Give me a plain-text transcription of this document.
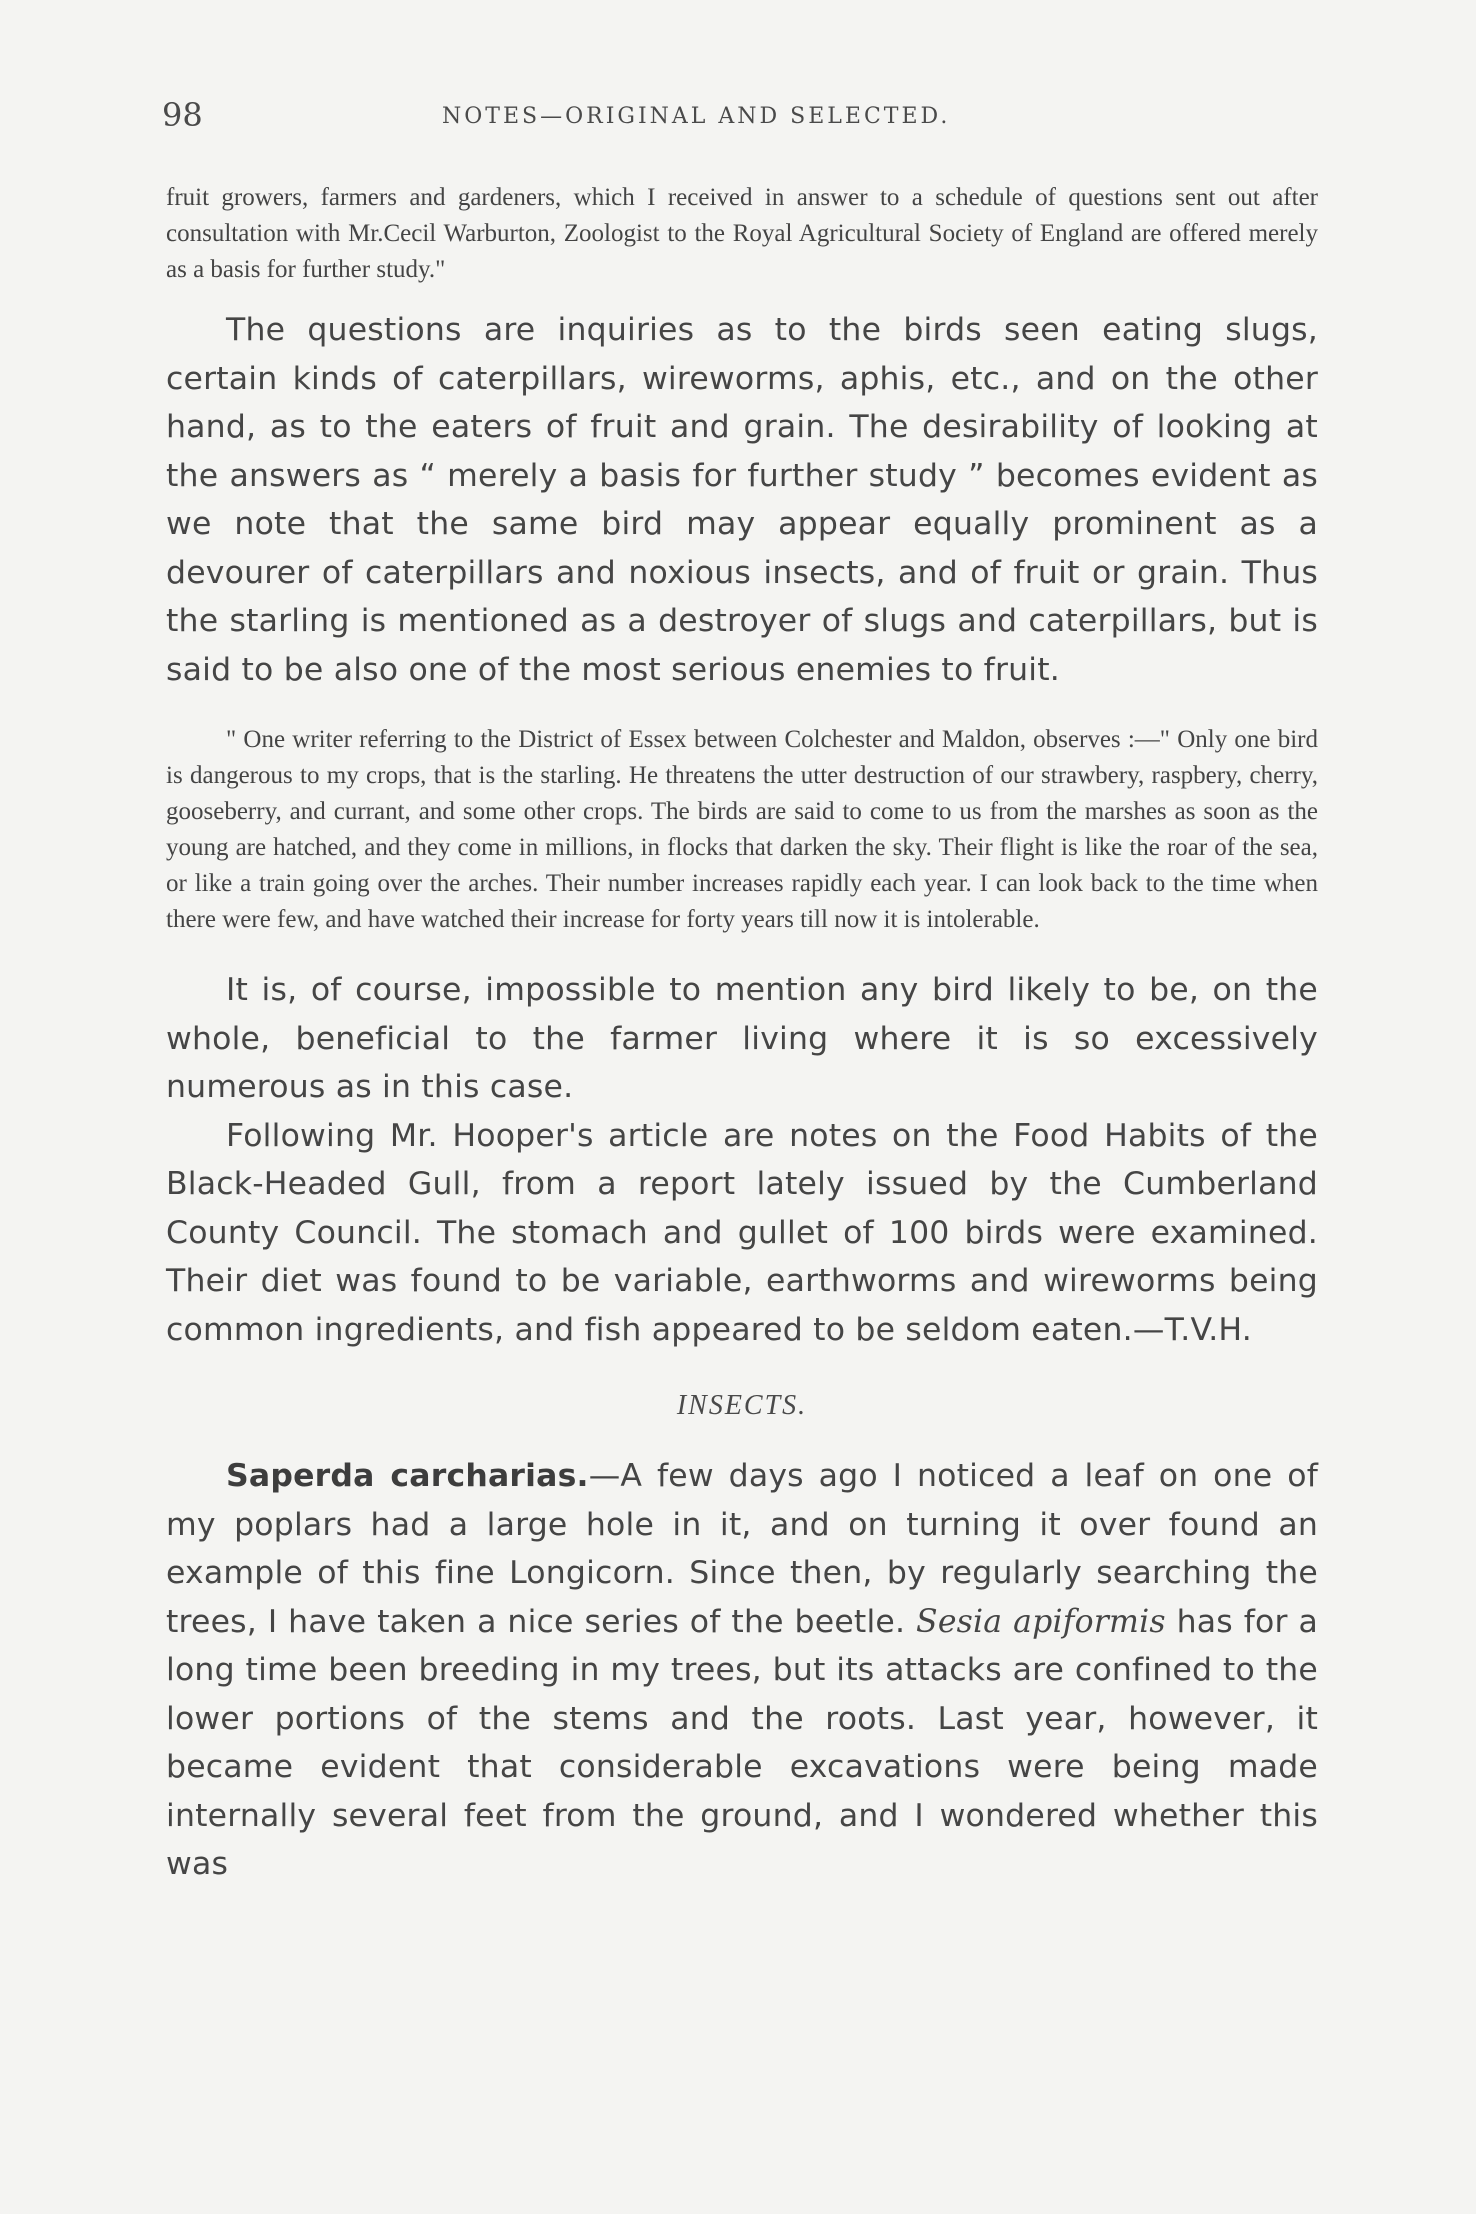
98	NOTES—ORIGINAL AND SELECTED.

fruit growers, farmers and gardeners, which I received in answer to a schedule of questions sent out after consultation with Mr.Cecil Warburton, Zoologist to the Royal Agricultural Society of England are offered merely as a basis for further study."

The questions are inquiries as to the birds seen eating slugs, certain kinds of caterpillars, wireworms, aphis, etc., and on the other hand, as to the eaters of fruit and grain. The desirability of looking at the answers as “ merely a basis for further study ” becomes evident as we note that the same bird may appear equally prominent as a devourer of caterpillars and noxious insects, and of fruit or grain. Thus the starling is mentioned as a destroyer of slugs and caterpillars, but is said to be also one of the most serious enemies to fruit.

" One writer referring to the District of Essex between Colchester and Maldon, observes :—" Only one bird is dangerous to my crops, that is the starling. He threatens the utter destruction of our strawbery, raspbery, cherry, gooseberry, and currant, and some other crops. The birds are said to come to us from the marshes as soon as the young are hatched, and they come in millions, in flocks that darken the sky. Their flight is like the roar of the sea, or like a train going over the arches. Their number increases rapidly each year. I can look back to the time when there were few, and have watched their increase for forty years till now it is intolerable.

It is, of course, impossible to mention any bird likely to be, on the whole, beneficial to the farmer living where it is so excessively numerous as in this case.

Following Mr. Hooper's article are notes on the Food Habits of the Black-Headed Gull, from a report lately issued by the Cumberland County Council. The stomach and gullet of 100 birds were examined. Their diet was found to be variable, earthworms and wireworms being common ingredients, and fish appeared to be seldom eaten.—T.V.H.

INSECTS.

Saperda carcharias.—A few days ago I noticed a leaf on one of my poplars had a large hole in it, and on turning it over found an example of this fine Longicorn. Since then, by regularly searching the trees, I have taken a nice series of the beetle. Sesia apiformis has for a long time been breeding in my trees, but its attacks are confined to the lower portions of the stems and the roots. Last year, however, it became evident that considerable excavations were being made internally several feet from the ground, and I wondered whether this was
